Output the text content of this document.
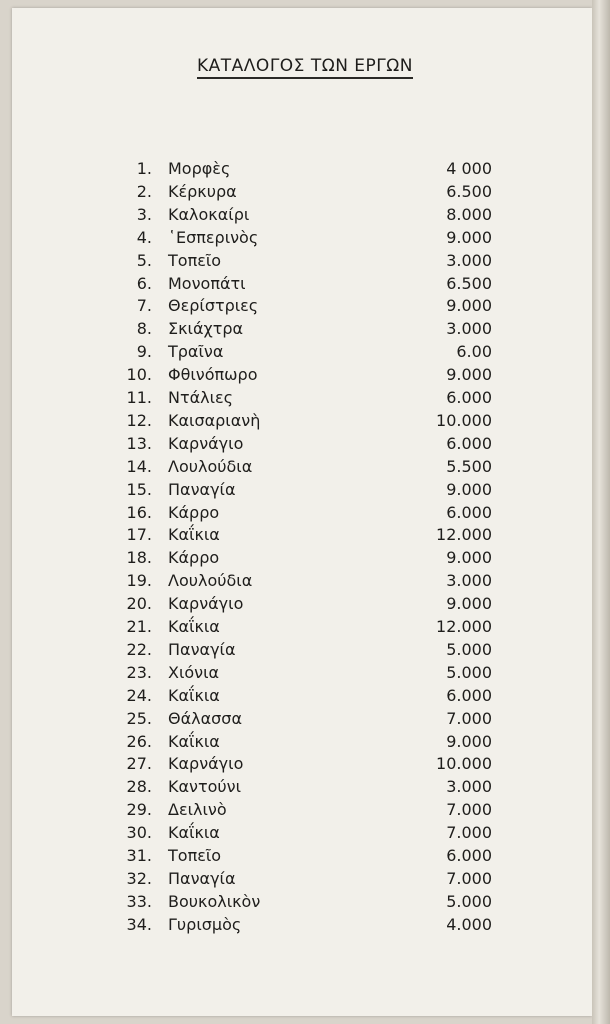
ΚΑΤΑΛΟΓΟΣ ΤΩΝ ΕΡΓΩΝ
1. Μορφὲς	4 000
2. Κέρκυρα	6.500
3. Καλοκαίρι	8.000
4. ῾Εσπερινὸς	9.000
5. Τοπεῖο	3.000
6. Μονοπάτι	6.500
7. Θερίστριες	9.000
8. Σκιάχτρα	3.000
9. Τραῖνα	6.00
10. Φθινόπωρο	9.000
11. Ντάλιες	6.000
12. Καισαριανὴ	10.000
13. Καρνάγιο	6.000
14. Λουλούδια	5.500
15. Παναγία	9.000
16. Κάρρο	6.000
17. Καΐκια	12.000
18. Κάρρο	9.000
19. Λουλούδια	3.000
20. Καρνάγιο	9.000
21. Καΐκια	12.000
22. Παναγία	5.000
23. Χιόνια	5.000
24. Καΐκια	6.000
25. Θάλασσα	7.000
26. Καΐκια	9.000
27. Καρνάγιο	10.000
28. Καντούνι	3.000
29. Δειλινὸ	7.000
30. Καΐκια	7.000
31. Τοπεῖο	6.000
32. Παναγία	7.000
33. Βουκολικὸν	5.000
34. Γυρισμὸς	4.000
